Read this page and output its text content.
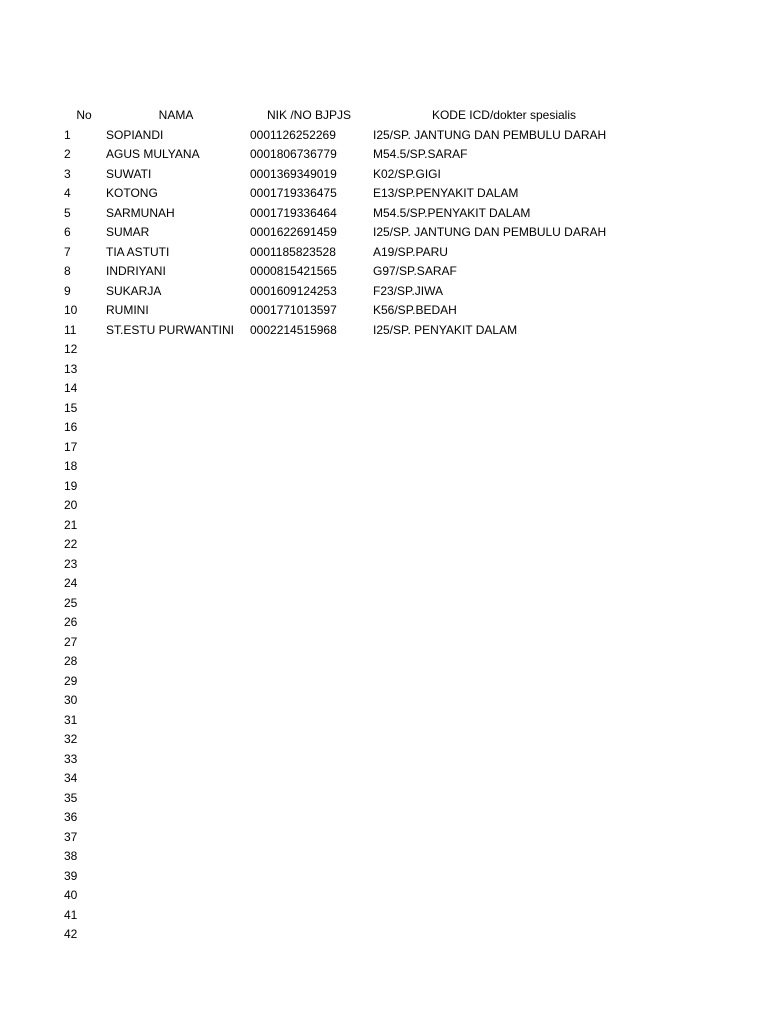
No	NAMA	NIK /NO BJPJS	KODE ICD/dokter spesialis
1	SOPIANDI	0001126252269	I25/SP. JANTUNG DAN PEMBULU DARAH
2	AGUS MULYANA	0001806736779	M54.5/SP.SARAF
3	SUWATI	0001369349019	K02/SP.GIGI
4	KOTONG	0001719336475	E13/SP.PENYAKIT DALAM
5	SARMUNAH	0001719336464	M54.5/SP.PENYAKIT DALAM
6	SUMAR	0001622691459	I25/SP. JANTUNG DAN PEMBULU DARAH
7	TIA ASTUTI	0001185823528	A19/SP.PARU
8	INDRIYANI	0000815421565	G97/SP.SARAF
9	SUKARJA	0001609124253	F23/SP.JIWA
10	RUMINI	0001771013597	K56/SP.BEDAH
11	ST.ESTU PURWANTINI 0002214515968	I25/SP. PENYAKIT DALAM
12
13
14
15
16
17
18
19
20
21
22
23
24
25
26
27
28
29
30
31
32
33
34
35
36
37
38
39
40
41
42
